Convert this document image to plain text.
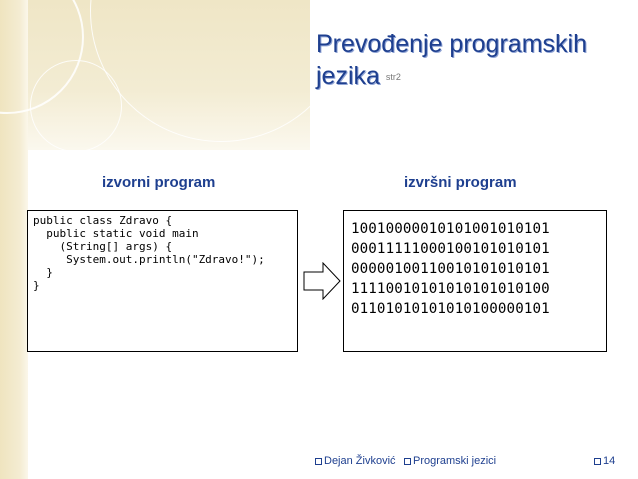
Prevođenje programskih
jezika str2
izvorni program	izvršni program
public class Zdravo {
public static void main
(String[] args) {
System.out.println("Zdravo!");
}
}
10010000010101001010101
00011111000100101010101
00000100110010101010101
11110010101010101010100
01101010101010100000101
Dejan Živković Programski jezici	14
